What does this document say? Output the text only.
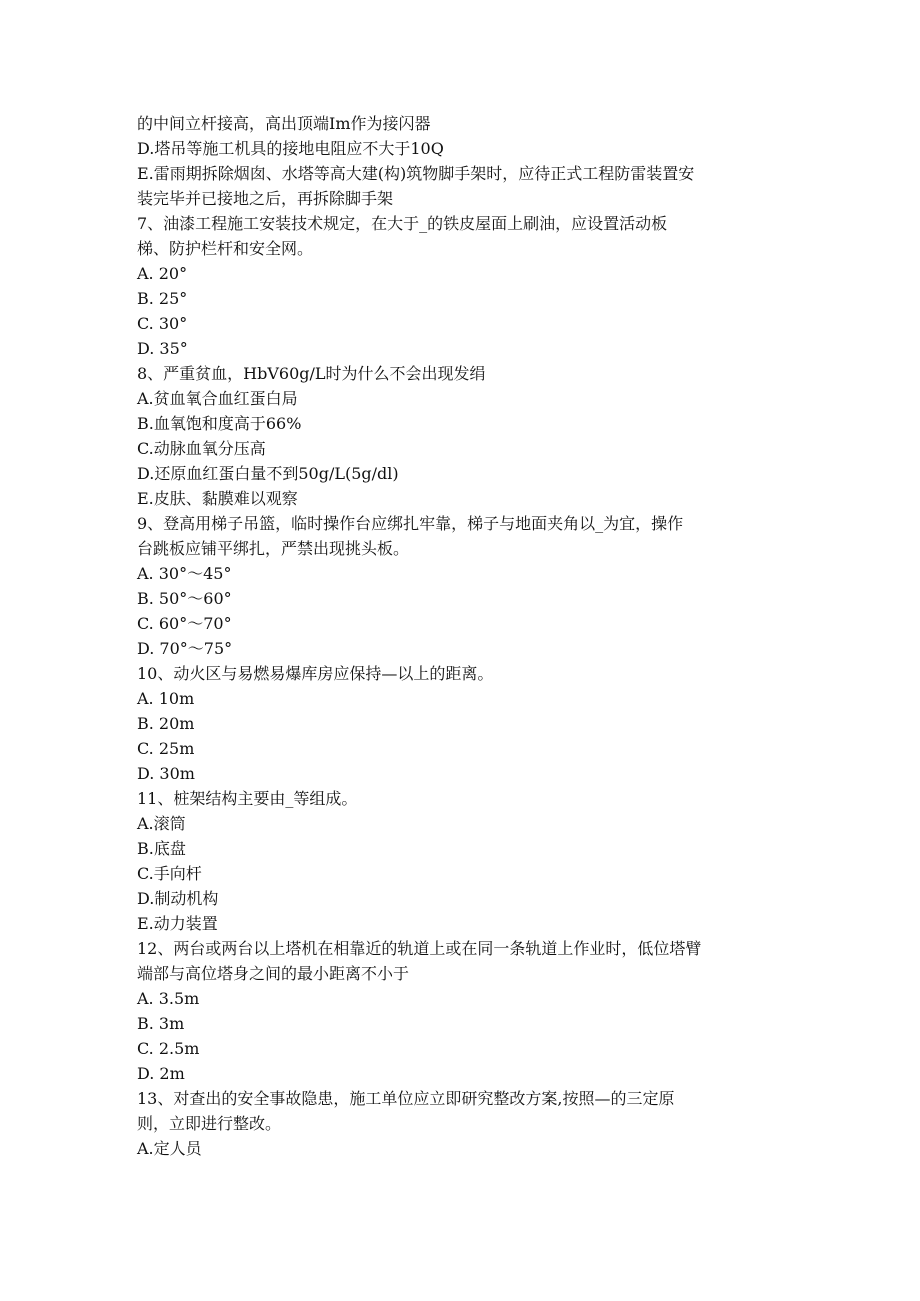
的中间立杆接高，高出顶端Im作为接闪器
D.塔吊等施工机具的接地电阻应不大于10Q
E.雷雨期拆除烟囱、水塔等高大建(构)筑物脚手架时，应待正式工程防雷装置安
装完毕并已接地之后，再拆除脚手架
7、油漆工程施工安装技术规定，在大于_的铁皮屋面上刷油，应设置活动板
梯、防护栏杆和安全网。
A. 20°
B. 25°
C. 30°
D. 35°
8、严重贫血，HbV60g/L时为什么不会出现发绢
A.贫血氧合血红蛋白局
B.血氧饱和度高于66%
C.动脉血氧分压高
D.还原血红蛋白量不到50g/L(5g/dl)
E.皮肤、黏膜难以观察
9、登高用梯子吊篮，临时操作台应绑扎牢靠，梯子与地面夹角以_为宜，操作
台跳板应铺平绑扎，严禁出现挑头板。
A. 30°～45°
B. 50°～60°
C. 60°～70°
D. 70°～75°
10、动火区与易燃易爆库房应保持—以上的距离。
A. 10m
B. 20m
C. 25m
D. 30m
11、桩架结构主要由_等组成。
A.滚筒
B.底盘
C.手向杆
D.制动机构
E.动力装置
12、两台或两台以上塔机在相靠近的轨道上或在同一条轨道上作业时，低位塔臂
端部与高位塔身之间的最小距离不小于
A. 3.5m
B. 3m
C. 2.5m
D. 2m
13、对查出的安全事故隐患，施工单位应立即研究整改方案,按照—的三定原
则，立即进行整改。
A.定人员
